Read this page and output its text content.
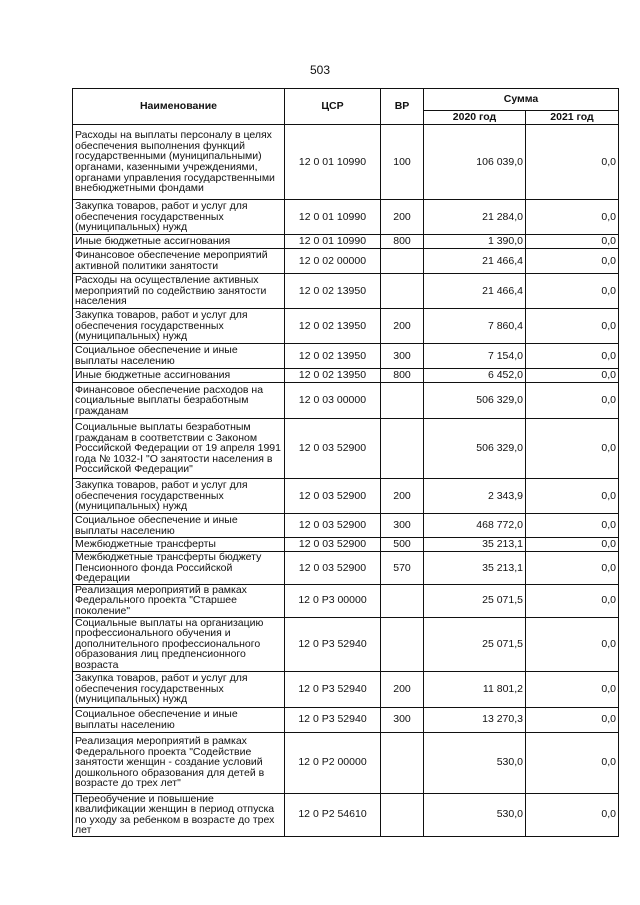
503
Наименование	ЦСР	ВР	Сумма	
			2020 год	2021 год
Расходы на выплаты персоналу в целях обеспечения выполнения функций государственными (муниципальными) органами, казенными учреждениями, органами управления государственными внебюджетными фондами	12 0 01 10990	100	106 039,0	0,0
Закупка товаров, работ и услуг для обеспечения государственных (муниципальных) нужд	12 0 01 10990	200	21 284,0	0,0
Иные бюджетные ассигнования	12 0 01 10990	800	1 390,0	0,0
Финансовое обеспечение мероприятий активной политики занятости	12 0 02 00000		21 466,4	0,0
Расходы на осуществление активных мероприятий по содействию занятости населения	12 0 02 13950		21 466,4	0,0
Закупка товаров, работ и услуг для обеспечения государственных (муниципальных) нужд	12 0 02 13950	200	7 860,4	0,0
Социальное обеспечение и иные выплаты населению	12 0 02 13950	300	7 154,0	0,0
Иные бюджетные ассигнования	12 0 02 13950	800	6 452,0	0,0
Финансовое обеспечение расходов на социальные выплаты безработным гражданам	12 0 03 00000		506 329,0	0,0
Социальные выплаты безработным гражданам в соответствии с Законом Российской Федерации от 19 апреля 1991 года № 1032-I "О занятости населения в Российской Федерации"	12 0 03 52900		506 329,0	0,0
Закупка товаров, работ и услуг для обеспечения государственных (муниципальных) нужд	12 0 03 52900	200	2 343,9	0,0
Социальное обеспечение и иные выплаты населению	12 0 03 52900	300	468 772,0	0,0
Межбюджетные трансферты	12 0 03 52900	500	35 213,1	0,0
Межбюджетные трансферты бюджету Пенсионного фонда Российской Федерации	12 0 03 52900	570	35 213,1	0,0
Реализация мероприятий в рамках Федерального проекта "Старшее поколение"	12 0 P3 00000		25 071,5	0,0
Социальные выплаты на организацию профессионального обучения и дополнительного профессионального образования лиц предпенсионного возраста	12 0 P3 52940		25 071,5	0,0
Закупка товаров, работ и услуг для обеспечения государственных (муниципальных) нужд	12 0 P3 52940	200	11 801,2	0,0
Социальное обеспечение и иные выплаты населению	12 0 P3 52940	300	13 270,3	0,0
Реализация мероприятий в рамках Федерального проекта "Содействие занятости женщин - создание условий дошкольного образования для детей в возрасте до трех лет"	12 0 P2 00000		530,0	0,0
Переобучение и повышение квалификации женщин в период отпуска по уходу за ребенком в возрасте до трех лет	12 0 P2 54610		530,0	0,0
